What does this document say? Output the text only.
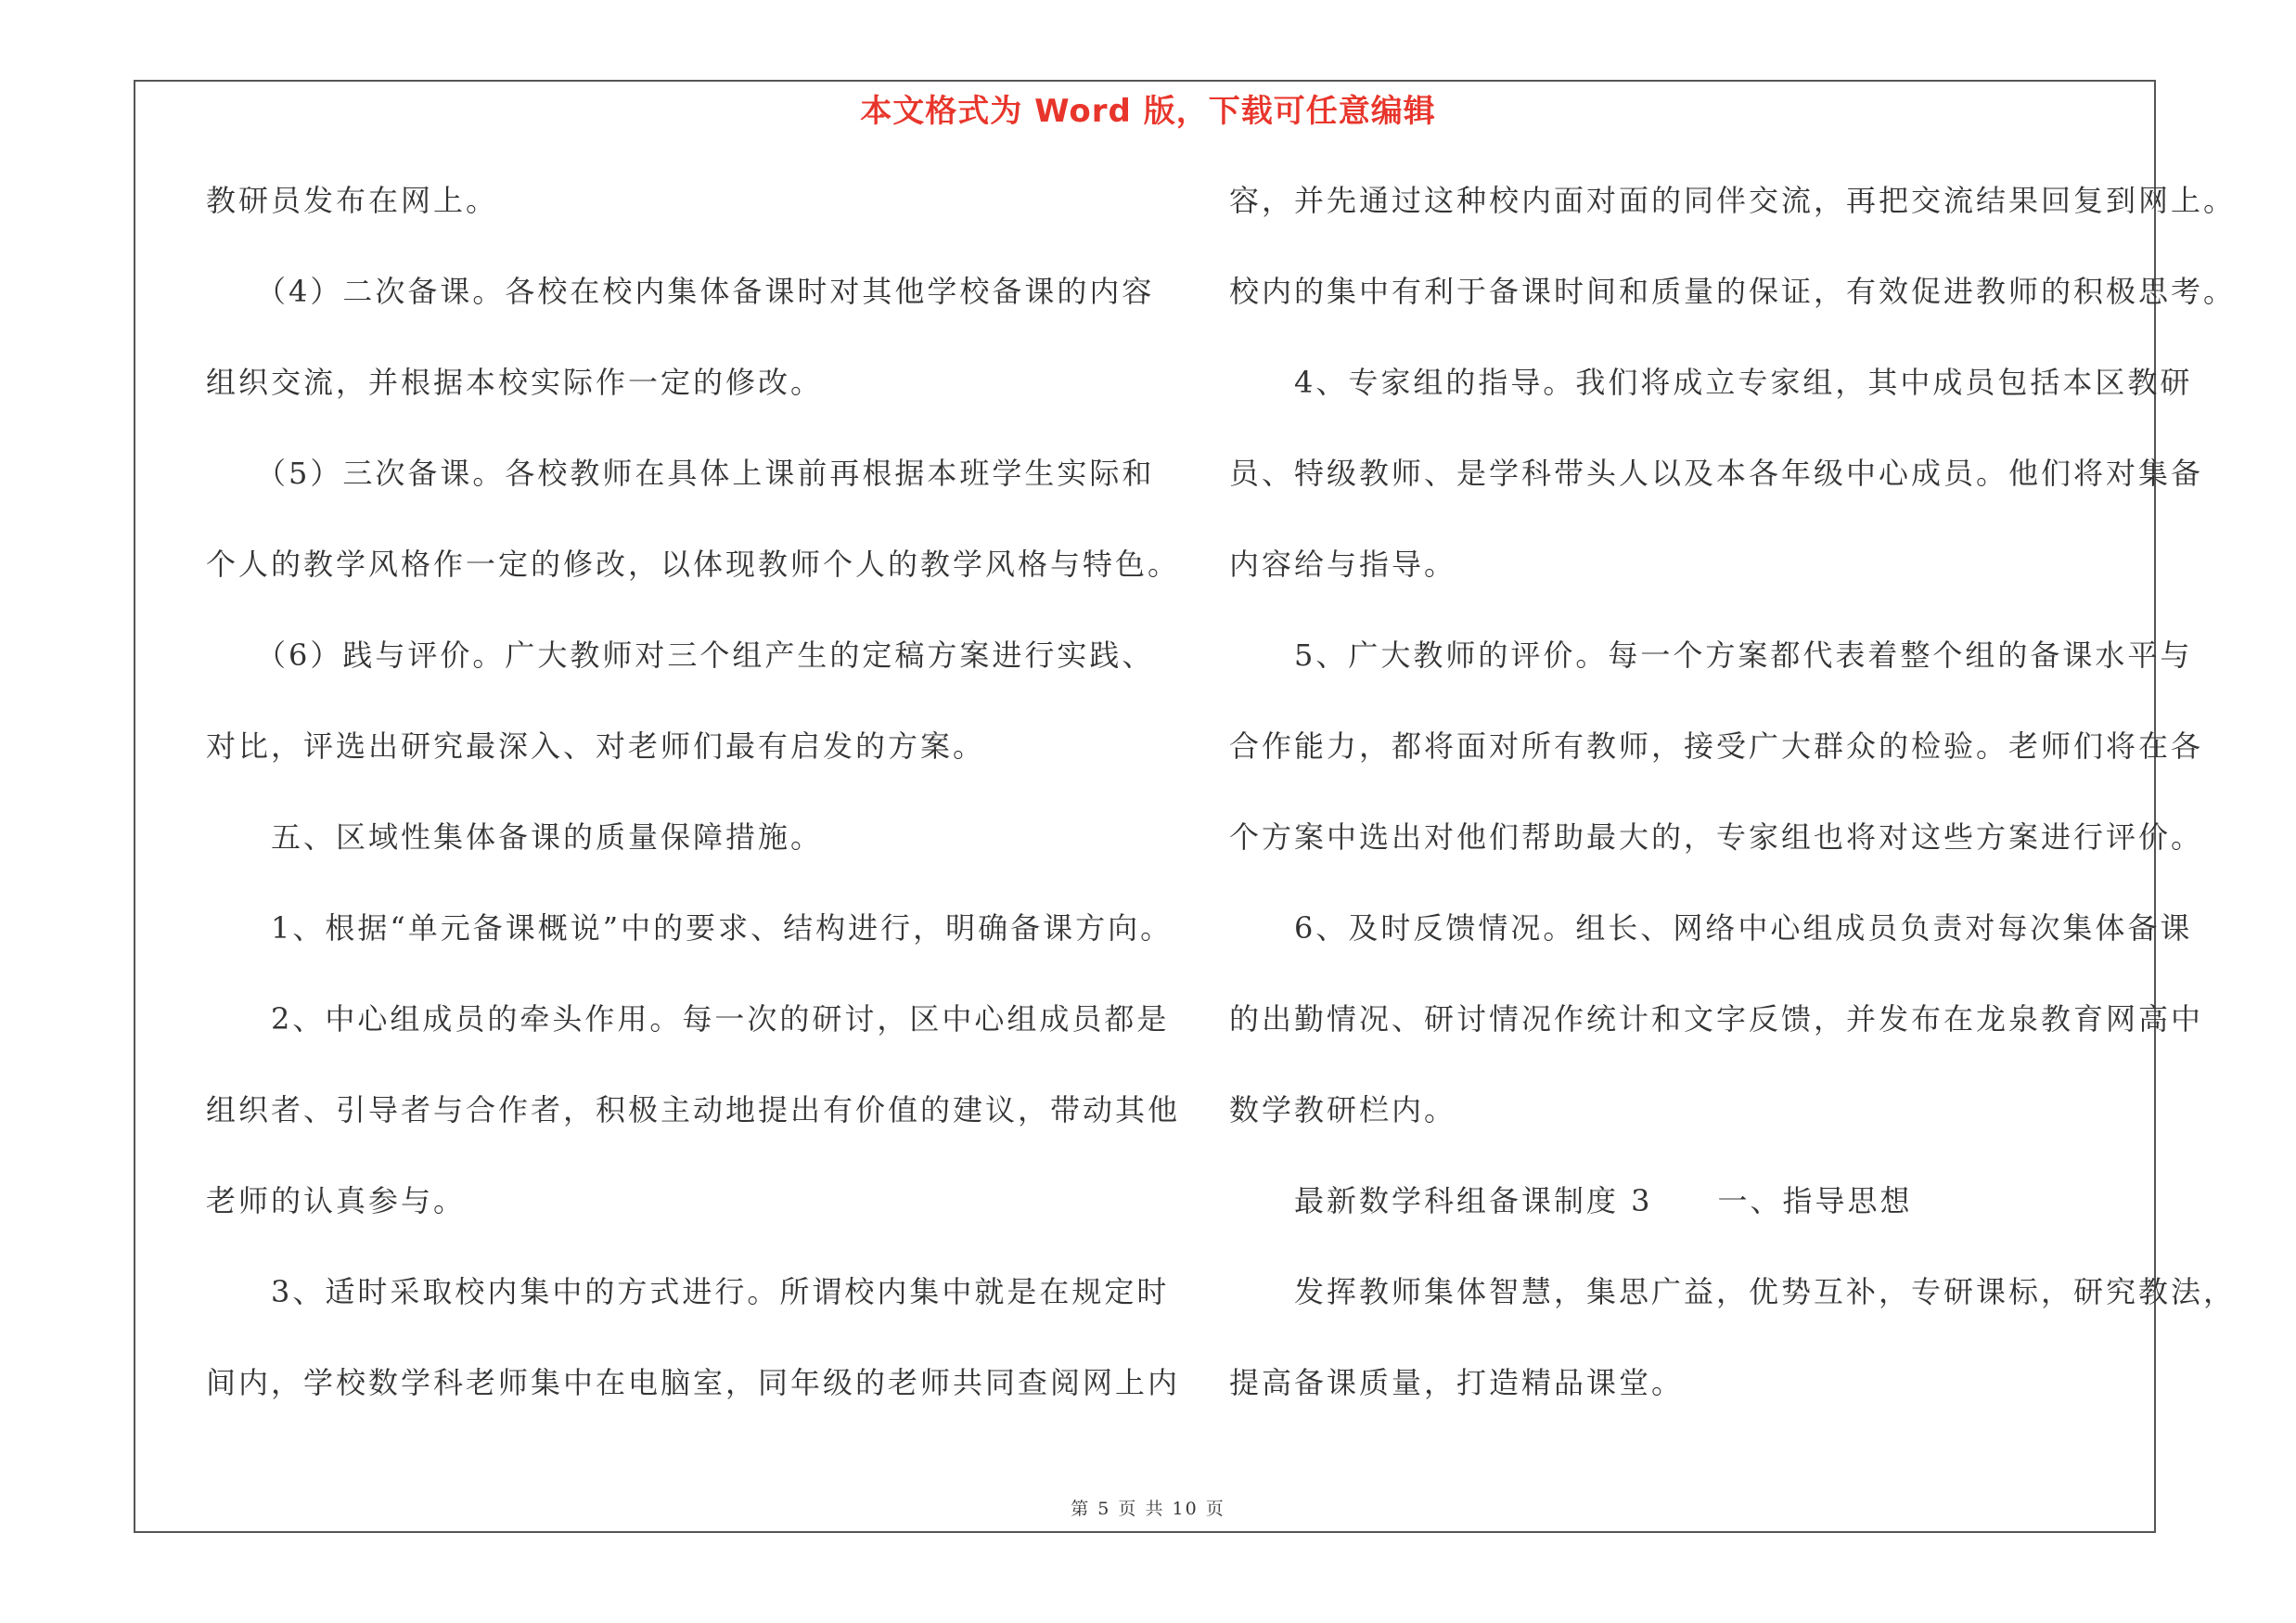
本文格式为 Word 版，下载可任意编辑
教研员发布在网上。
　　（4）二次备课。各校在校内集体备课时对其他学校备课的内容
组织交流，并根据本校实际作一定的修改。
　　（5）三次备课。各校教师在具体上课前再根据本班学生实际和
个人的教学风格作一定的修改，以体现教师个人的教学风格与特色。
　　（6）践与评价。广大教师对三个组产生的定稿方案进行实践、
对比，评选出研究最深入、对老师们最有启发的方案。
　　五、区域性集体备课的质量保障措施。
　　1、根据“单元备课概说”中的要求、结构进行，明确备课方向。
　　2、中心组成员的牵头作用。每一次的研讨，区中心组成员都是
组织者、引导者与合作者，积极主动地提出有价值的建议，带动其他
老师的认真参与。
　　3、适时采取校内集中的方式进行。所谓校内集中就是在规定时
间内，学校数学科老师集中在电脑室，同年级的老师共同查阅网上内
容，并先通过这种校内面对面的同伴交流，再把交流结果回复到网上。
校内的集中有利于备课时间和质量的保证，有效促进教师的积极思考。
　　4、专家组的指导。我们将成立专家组，其中成员包括本区教研
员、特级教师、是学科带头人以及本各年级中心成员。他们将对集备
内容给与指导。
　　5、广大教师的评价。每一个方案都代表着整个组的备课水平与
合作能力，都将面对所有教师，接受广大群众的检验。老师们将在各
个方案中选出对他们帮助最大的，专家组也将对这些方案进行评价。
　　6、及时反馈情况。组长、网络中心组成员负责对每次集体备课
的出勤情况、研讨情况作统计和文字反馈，并发布在龙泉教育网高中
数学教研栏内。
　　最新数学科组备课制度 3　　一、指导思想
　　发挥教师集体智慧，集思广益，优势互补，专研课标，研究教法，
提高备课质量，打造精品课堂。
第 5 页 共 10 页
